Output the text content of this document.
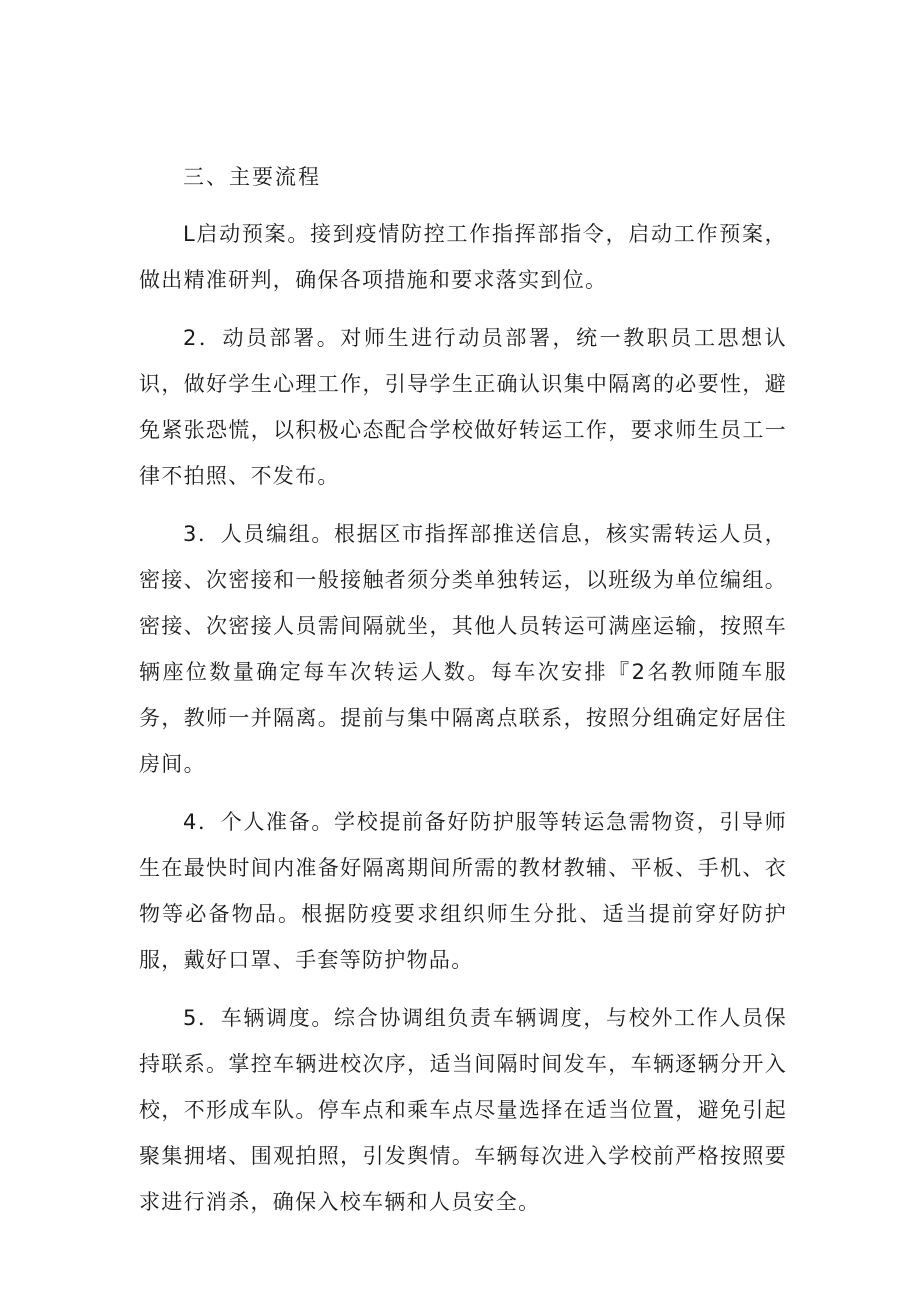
三、主要流程

L启动预案。接到疫情防控工作指挥部指令，启动工作预案，做出精准研判，确保各项措施和要求落实到位。

2．动员部署。对师生进行动员部署，统一教职员工思想认识，做好学生心理工作，引导学生正确认识集中隔离的必要性，避免紧张恐慌，以积极心态配合学校做好转运工作，要求师生员工一律不拍照、不发布。

3．人员编组。根据区市指挥部推送信息，核实需转运人员，密接、次密接和一般接触者须分类单独转运，以班级为单位编组。密接、次密接人员需间隔就坐，其他人员转运可满座运输，按照车辆座位数量确定每车次转运人数。每车次安排『2名教师随车服务，教师一并隔离。提前与集中隔离点联系，按照分组确定好居住房间。

4．个人准备。学校提前备好防护服等转运急需物资，引导师生在最快时间内准备好隔离期间所需的教材教辅、平板、手机、衣物等必备物品。根据防疫要求组织师生分批、适当提前穿好防护服，戴好口罩、手套等防护物品。

5．车辆调度。综合协调组负责车辆调度，与校外工作人员保持联系。掌控车辆进校次序，适当间隔时间发车，车辆逐辆分开入校，不形成车队。停车点和乘车点尽量选择在适当位置，避免引起聚集拥堵、围观拍照，引发舆情。车辆每次进入学校前严格按照要求进行消杀，确保入校车辆和人员安全。
